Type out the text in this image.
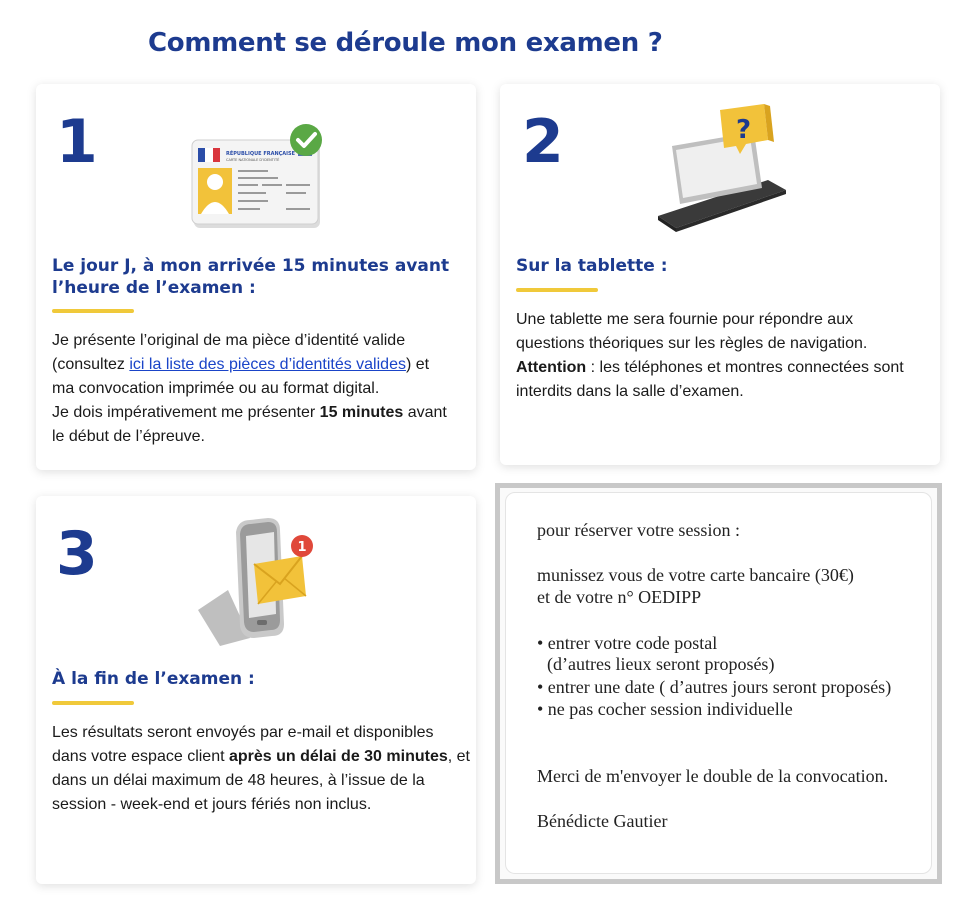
Comment se déroule mon examen ?
1	RÉPUBLIQUE FRANÇAISE
CARTE NATIONALE D’IDENTITÉ
Le jour J, à mon arrivée 15 minutes avant
l’heure de l’examen :
Je présente l’original de ma pièce d’identité valide
(consultez ici la liste des pièces d’identités valides) et
ma convocation imprimée ou au format digital.
Je dois impérativement me présenter 15 minutes avant
le début de l’épreuve.
2	?
Sur la tablette :
Une tablette me sera fournie pour répondre aux
questions théoriques sur les règles de navigation.
Attention : les téléphones et montres connectées sont
interdits dans la salle d’examen.
3	1
À la fin de l’examen :
Les résultats seront envoyés par e-mail et disponibles
dans votre espace client après un délai de 30 minutes, et
dans un délai maximum de 48 heures, à l’issue de la
session - week-end et jours fériés non inclus.
pour réserver votre session :
munissez vous de votre carte bancaire (30€)
et de votre n° OEDIPP
• entrer votre code postal
(d’autres lieux seront proposés)
• entrer une date ( d’autres jours seront proposés)
• ne pas cocher session individuelle
Merci de m'envoyer le double de la convocation.
Bénédicte Gautier
